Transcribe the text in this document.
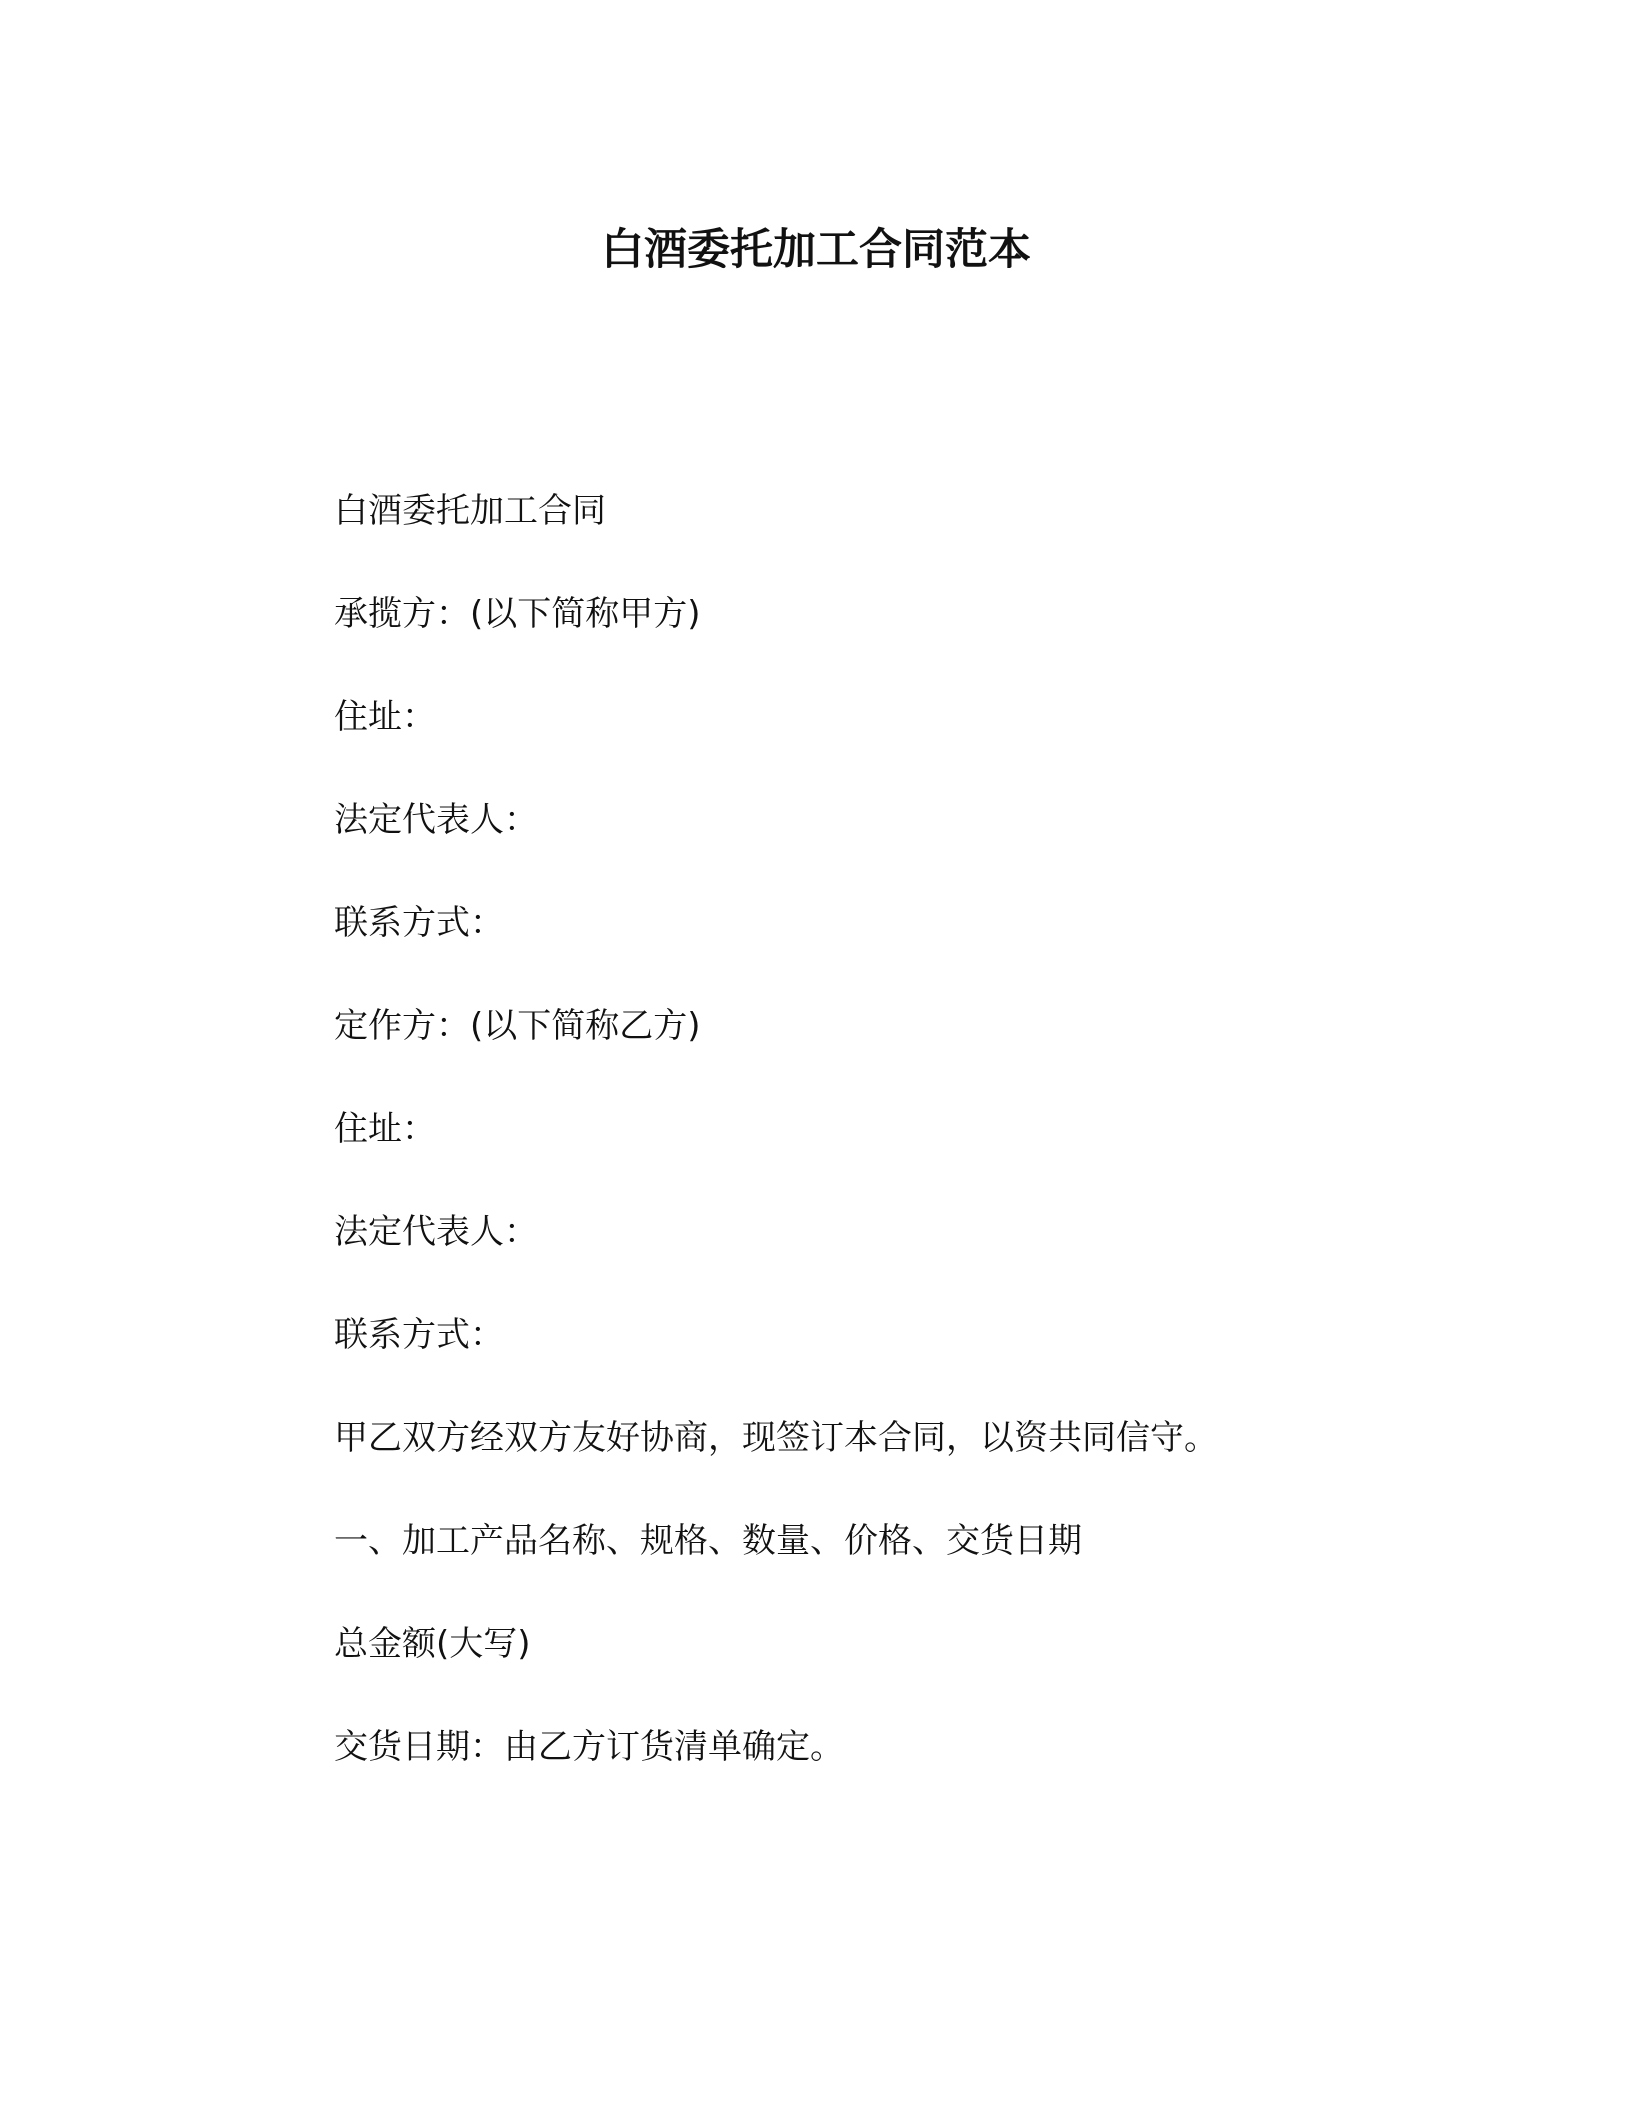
白酒委托加工合同范本
白酒委托加工合同
承揽方：(以下简称甲方)
住址：
法定代表人：
联系方式：
定作方：(以下简称乙方)
住址：
法定代表人：
联系方式：
甲乙双方经双方友好协商，现签订本合同，以资共同信守。
一、加工产品名称、规格、数量、价格、交货日期
总金额(大写)
交货日期：由乙方订货清单确定。
